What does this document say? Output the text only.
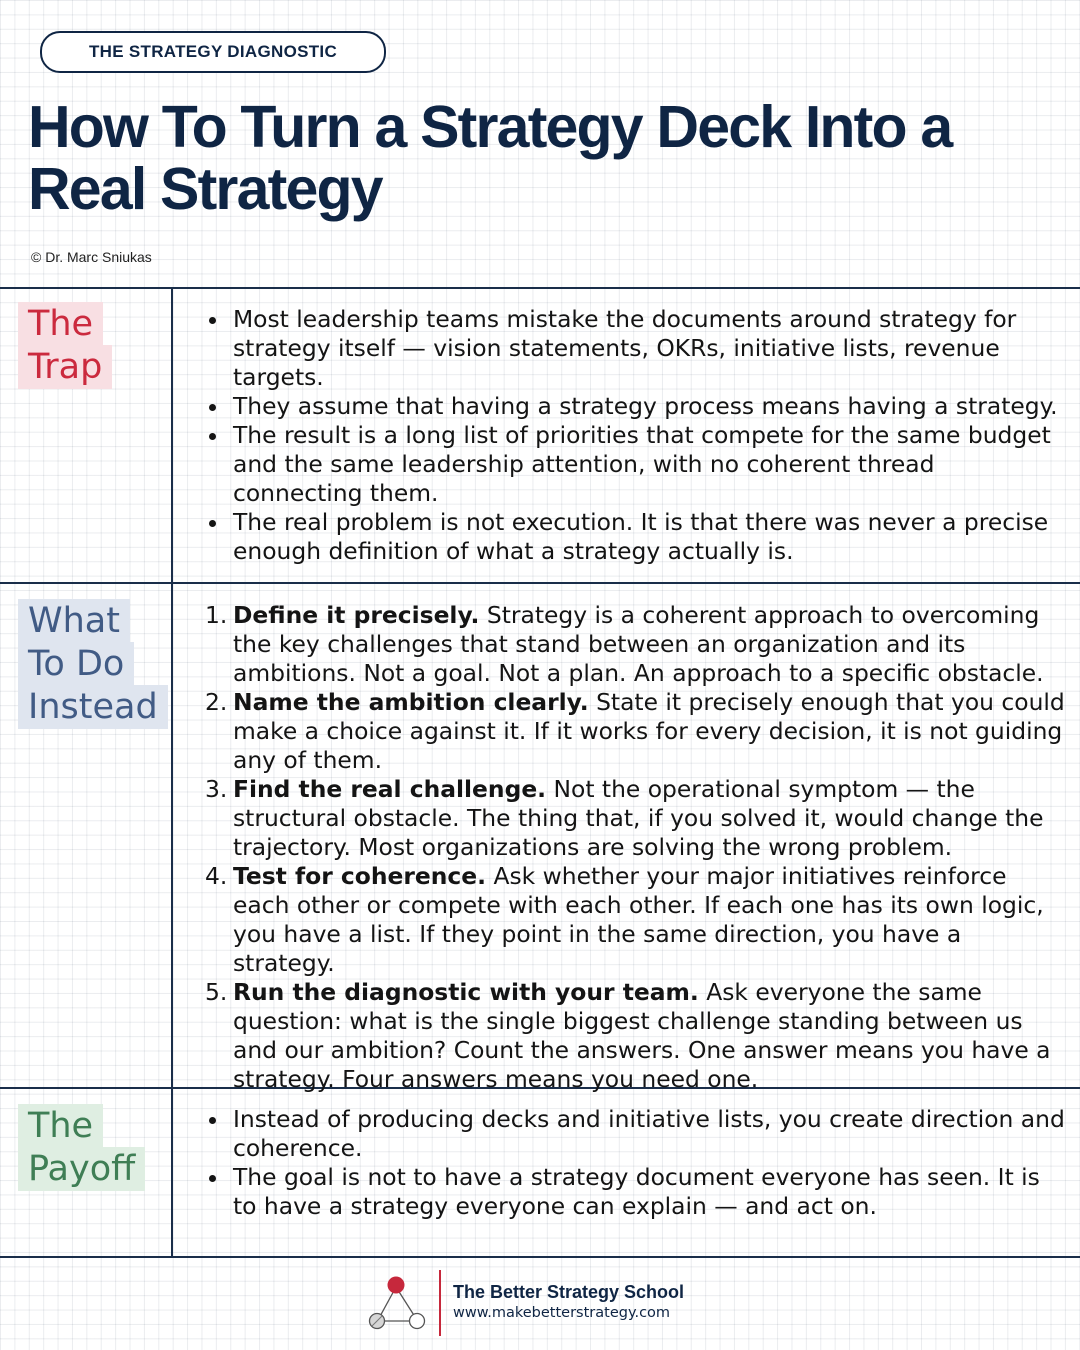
THE STRATEGY DIAGNOSTIC
How To Turn a Strategy Deck Into a
Real Strategy
© Dr. Marc Sniukas
The
Trap
Most leadership teams mistake the documents around strategy for strategy itself — vision statements, OKRs, initiative lists, revenue targets.
They assume that having a strategy process means having a strategy.
The result is a long list of priorities that compete for the same budget and the same leadership attention, with no coherent thread connecting them.
The real problem is not execution. It is that there was never a precise enough definition of what a strategy actually is.
What
To Do
Instead
1. Define it precisely. Strategy is a coherent approach to overcoming the key challenges that stand between an organization and its ambitions. Not a goal. Not a plan. An approach to a specific obstacle.
2. Name the ambition clearly. State it precisely enough that you could make a choice against it. If it works for every decision, it is not guiding any of them.
3. Find the real challenge. Not the operational symptom — the structural obstacle. The thing that, if you solved it, would change the trajectory. Most organizations are solving the wrong problem.
4. Test for coherence. Ask whether your major initiatives reinforce each other or compete with each other. If each one has its own logic, you have a list. If they point in the same direction, you have a strategy.
5. Run the diagnostic with your team. Ask everyone the same question: what is the single biggest challenge standing between us and our ambition? Count the answers. One answer means you have a strategy. Four answers means you need one.
The
Payoff
Instead of producing decks and initiative lists, you create direction and coherence.
The goal is not to have a strategy document everyone has seen. It is to have a strategy everyone can explain — and act on.
The Better Strategy School
www.makebetterstrategy.com
